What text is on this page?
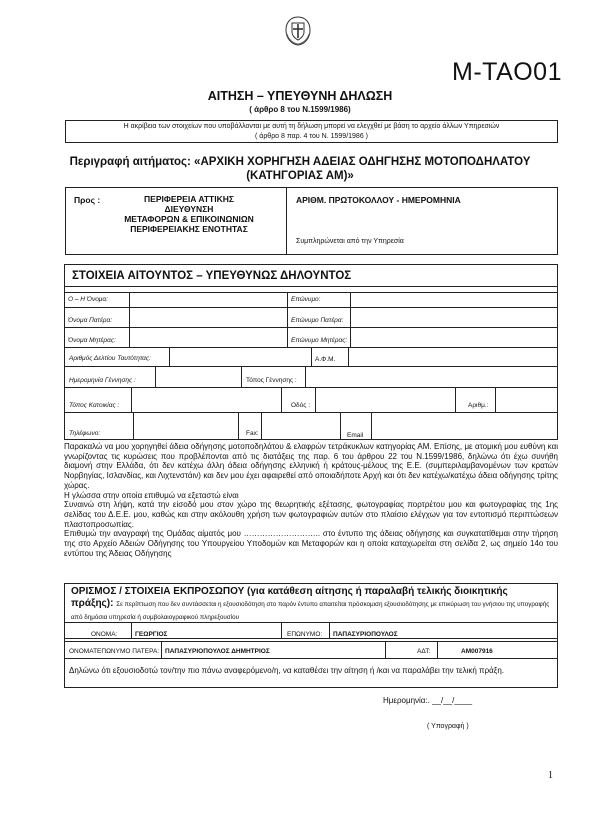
M-TAO01
ΑΙΤΗΣΗ – ΥΠΕΥΘΥΝΗ ΔΗΛΩΣΗ
( άρθρο 8 του Ν.1599/1986)
Η ακρίβεια των στοιχείων που υποβάλλονται με αυτή τη δήλωση μπορεί να ελεγχθεί με βάση το αρχείο άλλων Υπηρεσιών
( άρθρο 8 παρ. 4 του Ν. 1599/1986 )
Περιγραφή αιτήματος: «ΑΡΧΙΚΗ ΧΟΡΗΓΗΣΗ ΑΔΕΙΑΣ ΟΔΗΓΗΣΗΣ ΜΟΤΟΠΟΔΗΛΑΤΟΥ
(ΚΑΤΗΓΟΡΙΑΣ ΑΜ)»
Προς :	ΠΕΡΙΦΕΡΕΙΑ ΑΤΤΙΚΗΣ
ΔΙΕΥΘΥΝΣΗ
ΜΕΤΑΦΟΡΩΝ & ΕΠΙΚΟΙΝΩΝΙΩΝ
ΠΕΡΙΦΕΡΕΙΑΚΗΣ ΕΝΟΤΗΤΑΣ
ΑΡΙΘΜ. ΠΡΩΤΟΚΟΛΛΟΥ - ΗΜΕΡΟΜΗΝΙΑ
Συμπληρώνεται από την Υπηρεσία
ΣΤΟΙΧΕΙΑ ΑΙΤΟΥΝΤΟΣ – ΥΠΕΥΘΥΝΩΣ ΔΗΛΟΥΝΤΟΣ
Ο – Η Όνομα:	Επώνυμο:
Όνομα Πατέρα:	Επώνυμο Πατέρα:
Όνομα Μητέρας:	Επώνυμο Μητέρας:
Αριθμός Δελτίου Ταυτότητας:	Α.Φ.Μ.
Ημερομηνία Γέννησης :	Τόπος Γέννησης :
Τόπος Κατοικίας :	Οδός :	Αριθμ.:
Τηλέφωνο:	Fax:	Email

Παρακαλώ να μου χορηγηθεί άδεια οδήγησης μοτοποδηλάτου & ελαφρών τετράκυκλων κατηγορίας ΑΜ. Επίσης, με ατομική μου ευθύνη και γνωρίζοντας τις κυρώσεις που προβλέπονται από τις διατάξεις της παρ. 6 του άρθρου 22 του Ν.1599/1986, δηλώνω ότι έχω συνήθη διαμονή στην Ελλάδα, ότι δεν κατέχω άλλη άδεια οδήγησης ελληνική ή κράτους-μέλους της Ε.Ε. (συμπεριλαμβανομένων των κρατών Νορβηγίας, Ισλανδίας, και Λιχτενστάιν) και δεν μου έχει αφαιρεθεί από οποιαδήποτε Αρχή και ότι δεν κατέχω/κατέχω άδεια οδήγησης τρίτης χώρας.

Η γλώσσα στην οποία επιθυμώ να εξεταστώ είναι

Συναινώ στη λήψη, κατά την είσοδό μου στον χώρο της θεωρητικής εξέτασης, φωτογραφίας πορτρέτου μου και φωτογραφίας της 1ης σελίδας του Δ.Ε.Ε. μου, καθώς και στην ακόλουθη χρήση των φωτογραφιών αυτών στο πλαίσιο ελέγχων για τον εντοπισμό περιπτώσεων πλαστοπροσωπίας.

Επιθυμώ την αναγραφή της Ομάδας αίματός μου ……………………….. στο έντυπο της άδειας οδήγησης και συγκατατίθεμαι στην τήρηση της στο Αρχείο Αδειών Οδήγησης του Υπουργείου Υποδομών και Μεταφορών και η οποία καταχωρείται στη σελίδα 2, ως σημείο 14ο του εντύπου της Άδειας Οδήγησης

ΟΡΙΣΜΟΣ / ΣΤΟΙΧΕΙΑ ΕΚΠΡΟΣΩΠΟΥ (για κατάθεση αίτησης ή παραλαβή τελικής διοικητικής πράξης): Σε περίπτωση που δεν συντάσσεται η εξουσιοδότηση στο παρόν έντυπο απαιτείται πρόσκομιση εξουσιοδότησης με επικύρωση του γνήσιου της υπογραφής από δημόσια υπηρεσία ή συμβολαιογραφικού πληρεξουσίου
ΟΝΟΜΑ:	ΓΕΩΡΓΙΟΣ	ΕΠΩΝΥΜΟ: ΠΑΠΑΣΥΡΙΟΠΟΥΛΟΣ
ΟΝΟΜΑΤΕΠΩΝΥΜΟ ΠΑΤΕΡΑ: ΠΑΠΑΣΥΡΙΟΠΟΥΛΟΣ ΔΗΜΗΤΡΙΟΣ	ΑΔΤ:	ΑΜ007916
Δηλώνω ότι εξουσιοδοτώ τον/την πιο πάνω αναφερόμενο/η, να καταθέσει την αίτηση ή /και να παραλάβει την τελική πράξη.
Ημερομηνία:. __/__/____
( Υπογραφή )
1
